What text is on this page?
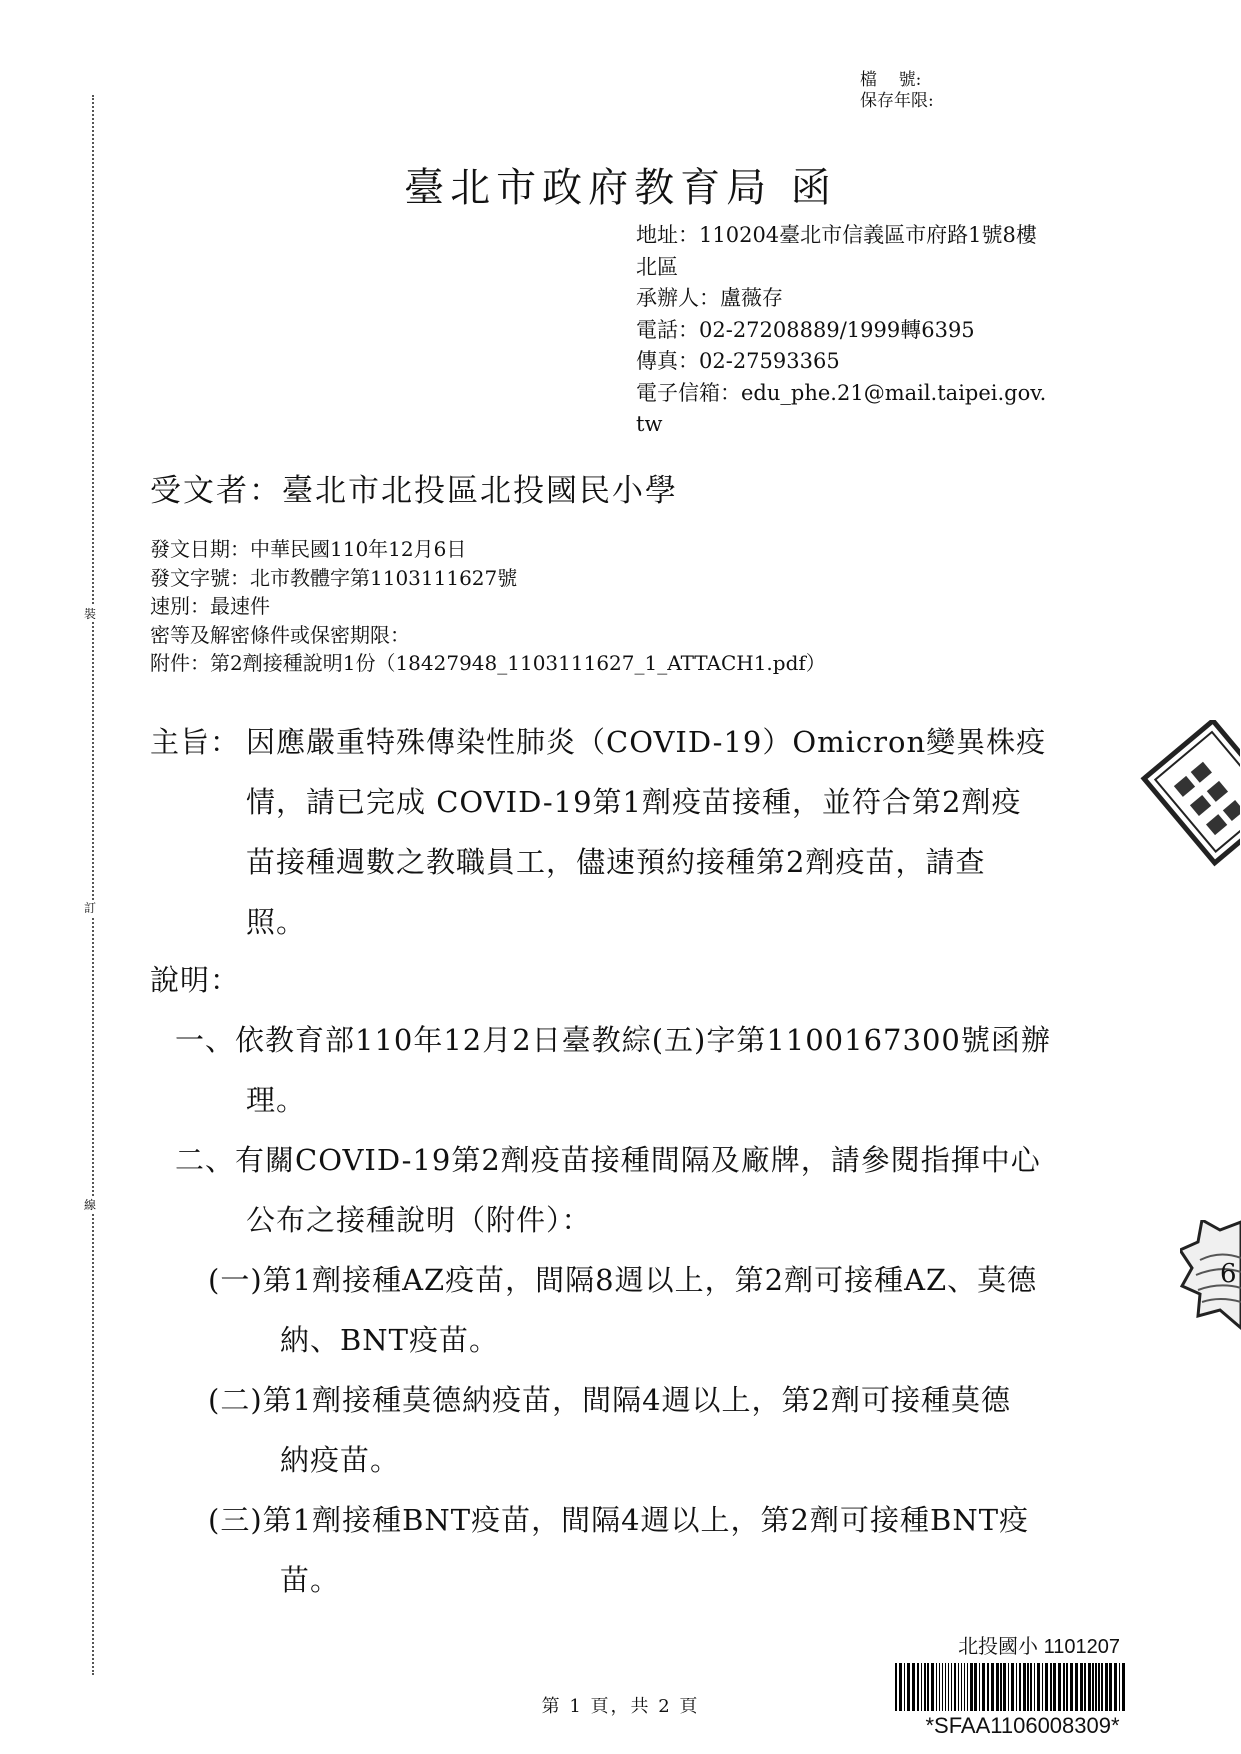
裝
訂
線
檔    號:
保存年限:
臺北市政府教育局 函
地址：110204臺北市信義區市府路1號8樓
北區
承辦人：盧薇存
電話：02-27208889/1999轉6395
傳真：02-27593365
電子信箱：edu_phe.21@mail.taipei.gov.
tw
受文者：臺北市北投區北投國民小學
發文日期：中華民國110年12月6日
發文字號：北市教體字第1103111627號
速別：最速件
密等及解密條件或保密期限：
附件：第2劑接種說明1份（18427948_1103111627_1_ATTACH1.pdf）
主旨： 因應嚴重特殊傳染性肺炎（COVID-19）Omicron變異株疫
情，請已完成 COVID-19第1劑疫苗接種，並符合第2劑疫
苗接種週數之教職員工，儘速預約接種第2劑疫苗，請查
照。
說明：
一、依教育部110年12月2日臺教綜(五)字第1100167300號函辦
理。
二、有關COVID-19第2劑疫苗接種間隔及廠牌，請參閱指揮中心
公布之接種說明（附件）：
(一)第1劑接種AZ疫苗，間隔8週以上，第2劑可接種AZ、莫德
納、BNT疫苗。
(二)第1劑接種莫德納疫苗，間隔4週以上，第2劑可接種莫德
納疫苗。
(三)第1劑接種BNT疫苗，間隔4週以上，第2劑可接種BNT疫
苗。
6
北投國小 1101207
*SFAA1106008309*
第 1 頁，共 2 頁
